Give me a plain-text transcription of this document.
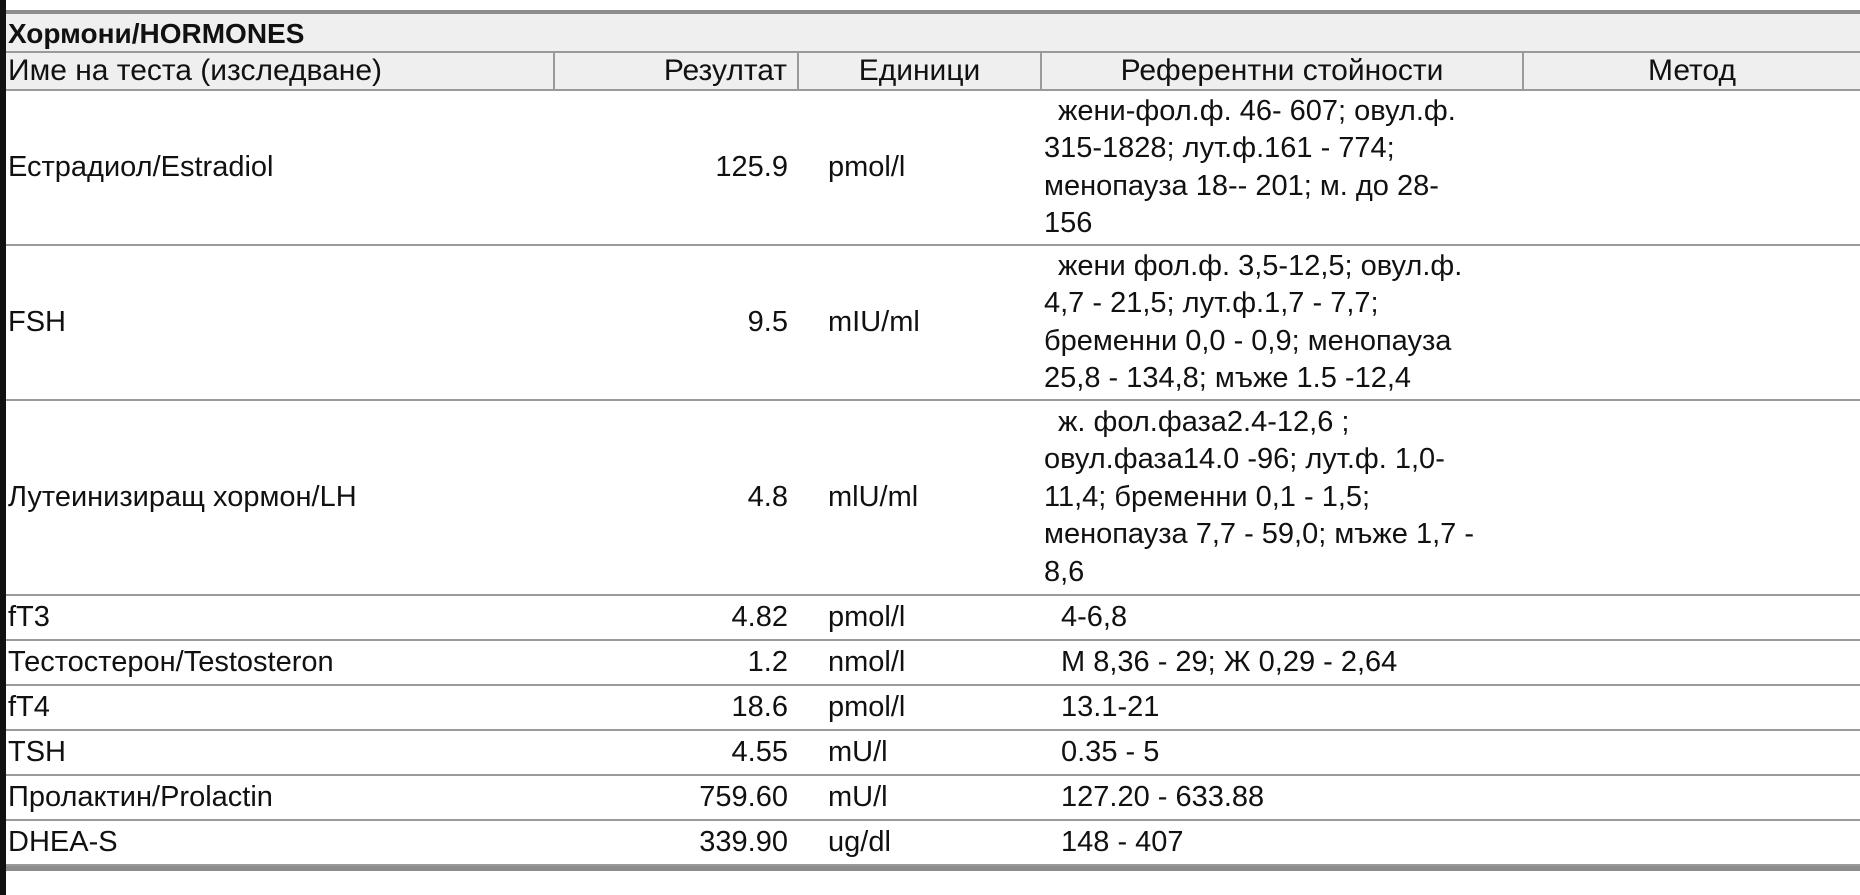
Хормони/HORMONES
Име на теста (изследване)	Резултат	Единици	Референтни стойности	Метод
Естрадиол/Estradiol	125.9	pmol/l	жени-фол.ф. 46- 607; овул.ф.
315-1828; лут.ф.161 - 774;
менопауза 18-- 201; м. до 28-
156	

FSH	9.5	mIU/ml	жени фол.ф. 3,5-12,5; овул.ф.
4,7 - 21,5; лут.ф.1,7 - 7,7;
бременни 0,0 - 0,9; менопауза
25,8 - 134,8; мъже 1.5 -12,4	

Лутеинизиращ хормон/LH	4.8	mlU/ml	ж. фол.фаза2.4-12,6 ;
овул.фаза14.0 -96; лут.ф. 1,0-
11,4; бременни 0,1 - 1,5;
менопауза 7,7 - 59,0; мъже 1,7 -
8,6	

fT3	4.82	pmol/l	4-6,8	
Тестостерон/Testosteron	1.2	nmol/l	М 8,36 - 29; Ж 0,29 - 2,64	
fT4	18.6	pmol/l	13.1-21	
TSH	4.55	mU/l	0.35 - 5	
Пролактин/Prolactin	759.60	mU/l	127.20 - 633.88	
DHEA-S	339.90	ug/dl	148 - 407	
